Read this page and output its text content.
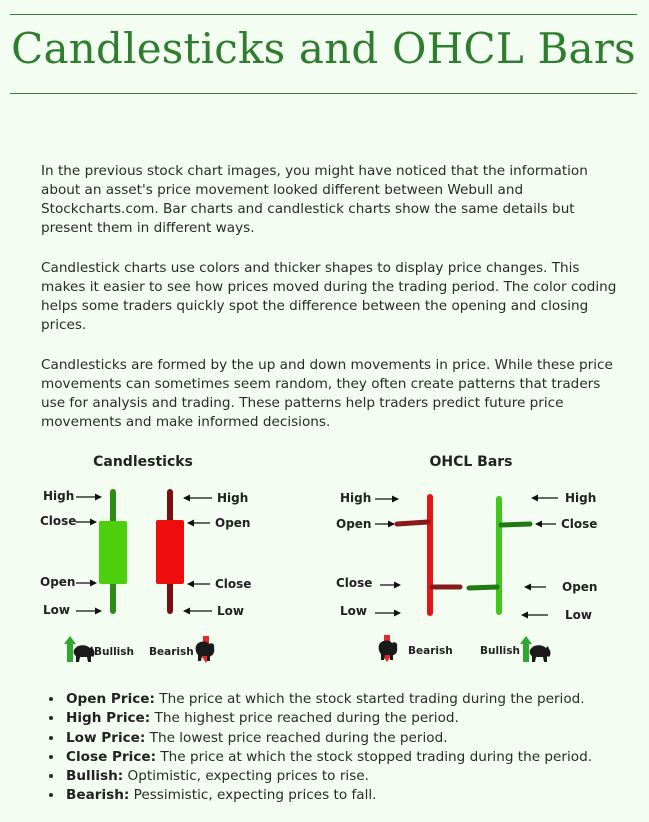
Candlesticks and OHCL Bars

In the previous stock chart images, you might have noticed that the information about an asset's price movement looked different between Webull and Stockcharts.com. Bar charts and candlestick charts show the same details but present them in different ways.

Candlestick charts use colors and thicker shapes to display price changes. This makes it easier to see how prices moved during the trading period. The color coding helps some traders quickly spot the difference between the opening and closing prices.

Candlesticks are formed by the up and down movements in price. While these price movements can sometimes seem random, they often create patterns that traders use for analysis and trading. These patterns help traders predict future price movements and make informed decisions.

Candlesticks	OHCL Bars
High
Close
Open
Low
High
Open
Close
Low
Bullish Bearish
High
Open
Close
Low
High
Close
Open
Low
Bearish	Bullish
• Open Price: The price at which the stock started trading during the period.
• High Price: The highest price reached during the period.
• Low Price: The lowest price reached during the period.
• Close Price: The price at which the stock stopped trading during the period.
• Bullish: Optimistic, expecting prices to rise.
• Bearish: Pessimistic, expecting prices to fall.
